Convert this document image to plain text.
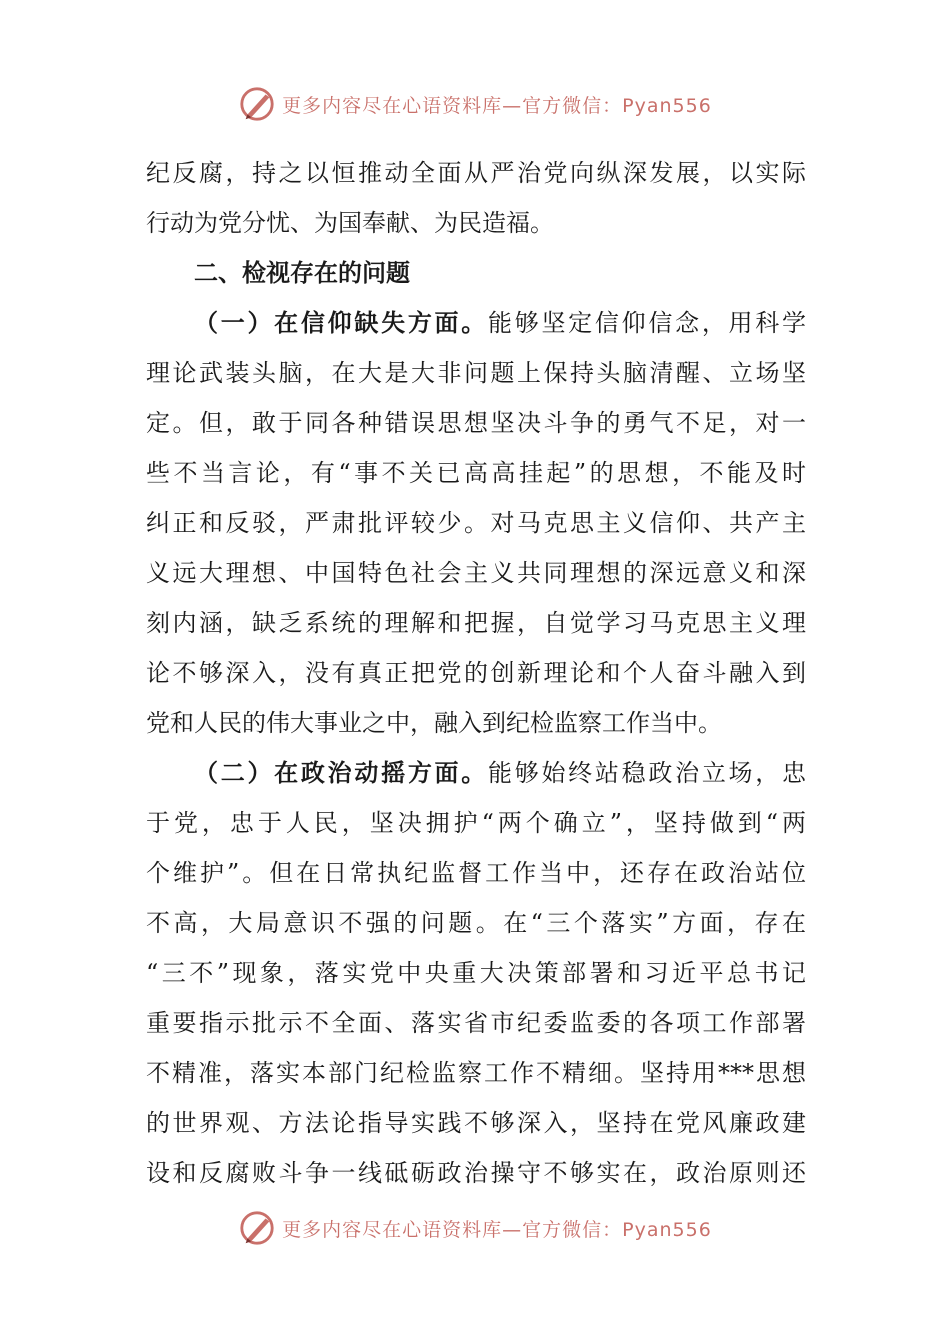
更多内容尽在心语资料库—官方微信：Pyan556
纪反腐，持之以恒推动全面从严治党向纵深发展，以实际
行动为党分忧、为国奉献、为民造福。
二、检视存在的问题
（一）在信仰缺失方面。能够坚定信仰信念，用科学
理论武装头脑，在大是大非问题上保持头脑清醒、立场坚
定。但，敢于同各种错误思想坚决斗争的勇气不足，对一
些不当言论，有“事不关已高高挂起”的思想，不能及时
纠正和反驳，严肃批评较少。对马克思主义信仰、共产主
义远大理想、中国特色社会主义共同理想的深远意义和深
刻内涵，缺乏系统的理解和把握，自觉学习马克思主义理
论不够深入，没有真正把党的创新理论和个人奋斗融入到
党和人民的伟大事业之中，融入到纪检监察工作当中。
（二）在政治动摇方面。能够始终站稳政治立场，忠
于党，忠于人民，坚决拥护“两个确立”，坚持做到“两
个维护”。但在日常执纪监督工作当中，还存在政治站位
不高，大局意识不强的问题。在“三个落实”方面，存在
“三不”现象，落实党中央重大决策部署和习近平总书记
重要指示批示不全面、落实省市纪委监委的各项工作部署
不精准，落实本部门纪检监察工作不精细。坚持用***思想
的世界观、方法论指导实践不够深入，坚持在党风廉政建
设和反腐败斗争一线砥砺政治操守不够实在，政治原则还
更多内容尽在心语资料库—官方微信：Pyan556
